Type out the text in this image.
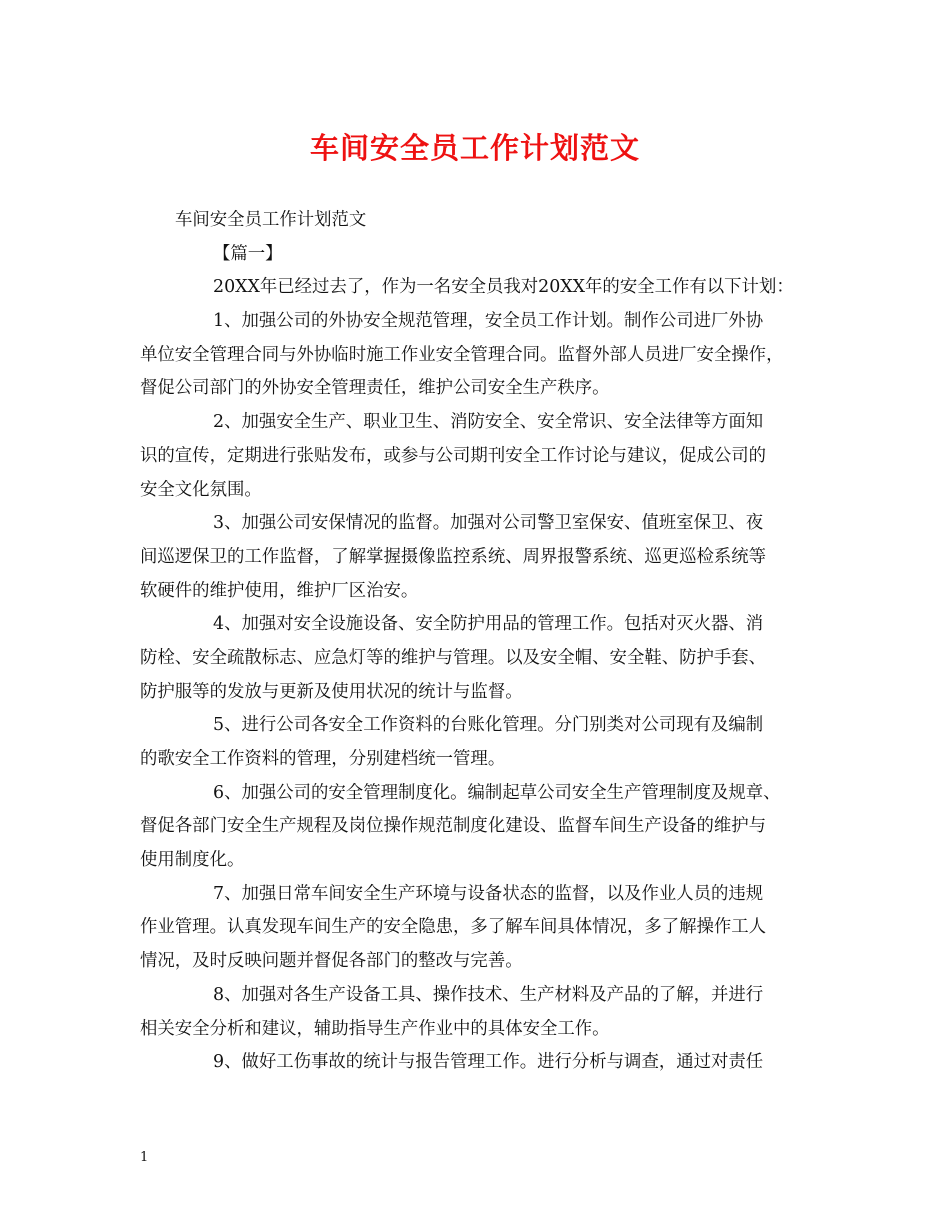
车间安全员工作计划范文
车间安全员工作计划范文
【篇一】
20XX年已经过去了，作为一名安全员我对20XX年的安全工作有以下计划：
1、加强公司的外协安全规范管理，安全员工作计划。制作公司进厂外协
单位安全管理合同与外协临时施工作业安全管理合同。监督外部人员进厂安全操作，
督促公司部门的外协安全管理责任，维护公司安全生产秩序。
2、加强安全生产、职业卫生、消防安全、安全常识、安全法律等方面知
识的宣传，定期进行张贴发布，或参与公司期刊安全工作讨论与建议，促成公司的
安全文化氛围。
3、加强公司安保情况的监督。加强对公司警卫室保安、值班室保卫、夜
间巡逻保卫的工作监督，了解掌握摄像监控系统、周界报警系统、巡更巡检系统等
软硬件的维护使用，维护厂区治安。
4、加强对安全设施设备、安全防护用品的管理工作。包括对灭火器、消
防栓、安全疏散标志、应急灯等的维护与管理。以及安全帽、安全鞋、防护手套、
防护服等的发放与更新及使用状况的统计与监督。
5、进行公司各安全工作资料的台账化管理。分门别类对公司现有及编制
的歌安全工作资料的管理，分别建档统一管理。
6、加强公司的安全管理制度化。编制起草公司安全生产管理制度及规章、
督促各部门安全生产规程及岗位操作规范制度化建设、监督车间生产设备的维护与
使用制度化。
7、加强日常车间安全生产环境与设备状态的监督，以及作业人员的违规
作业管理。认真发现车间生产的安全隐患，多了解车间具体情况，多了解操作工人
情况，及时反映问题并督促各部门的整改与完善。
8、加强对各生产设备工具、操作技术、生产材料及产品的了解，并进行
相关安全分析和建议，辅助指导生产作业中的具体安全工作。
9、做好工伤事故的统计与报告管理工作。进行分析与调查，通过对责任
1
